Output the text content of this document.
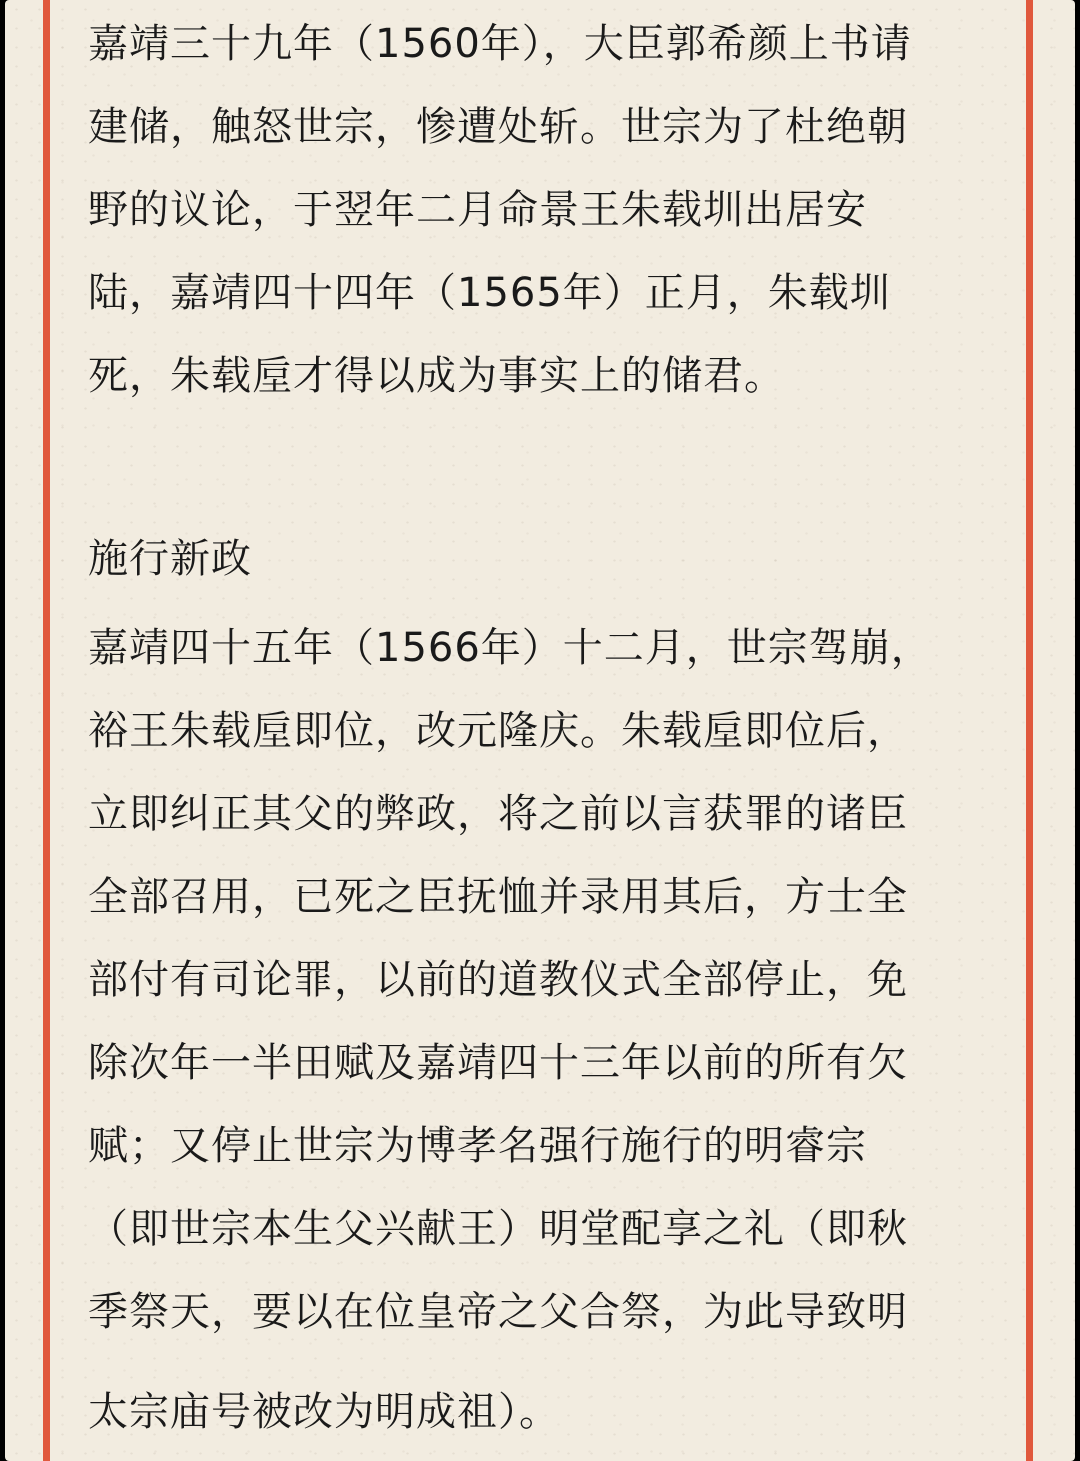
嘉靖三十九年（1560年），大臣郭希颜上书请
建储，触怒世宗，惨遭处斩。世宗为了杜绝朝
野的议论，于翌年二月命景王朱载圳出居安
陆，嘉靖四十四年（1565年）正月，朱载圳
死，朱载垕才得以成为事实上的储君。
施行新政
嘉靖四十五年（1566年）十二月，世宗驾崩，
裕王朱载垕即位，改元隆庆。朱载垕即位后，
立即纠正其父的弊政，将之前以言获罪的诸臣
全部召用，已死之臣抚恤并录用其后，方士全
部付有司论罪，以前的道教仪式全部停止，免
除次年一半田赋及嘉靖四十三年以前的所有欠
赋；又停止世宗为博孝名强行施行的明睿宗
（即世宗本生父兴献王）明堂配享之礼（即秋
季祭天，要以在位皇帝之父合祭，为此导致明
太宗庙号被改为明成祖）。
